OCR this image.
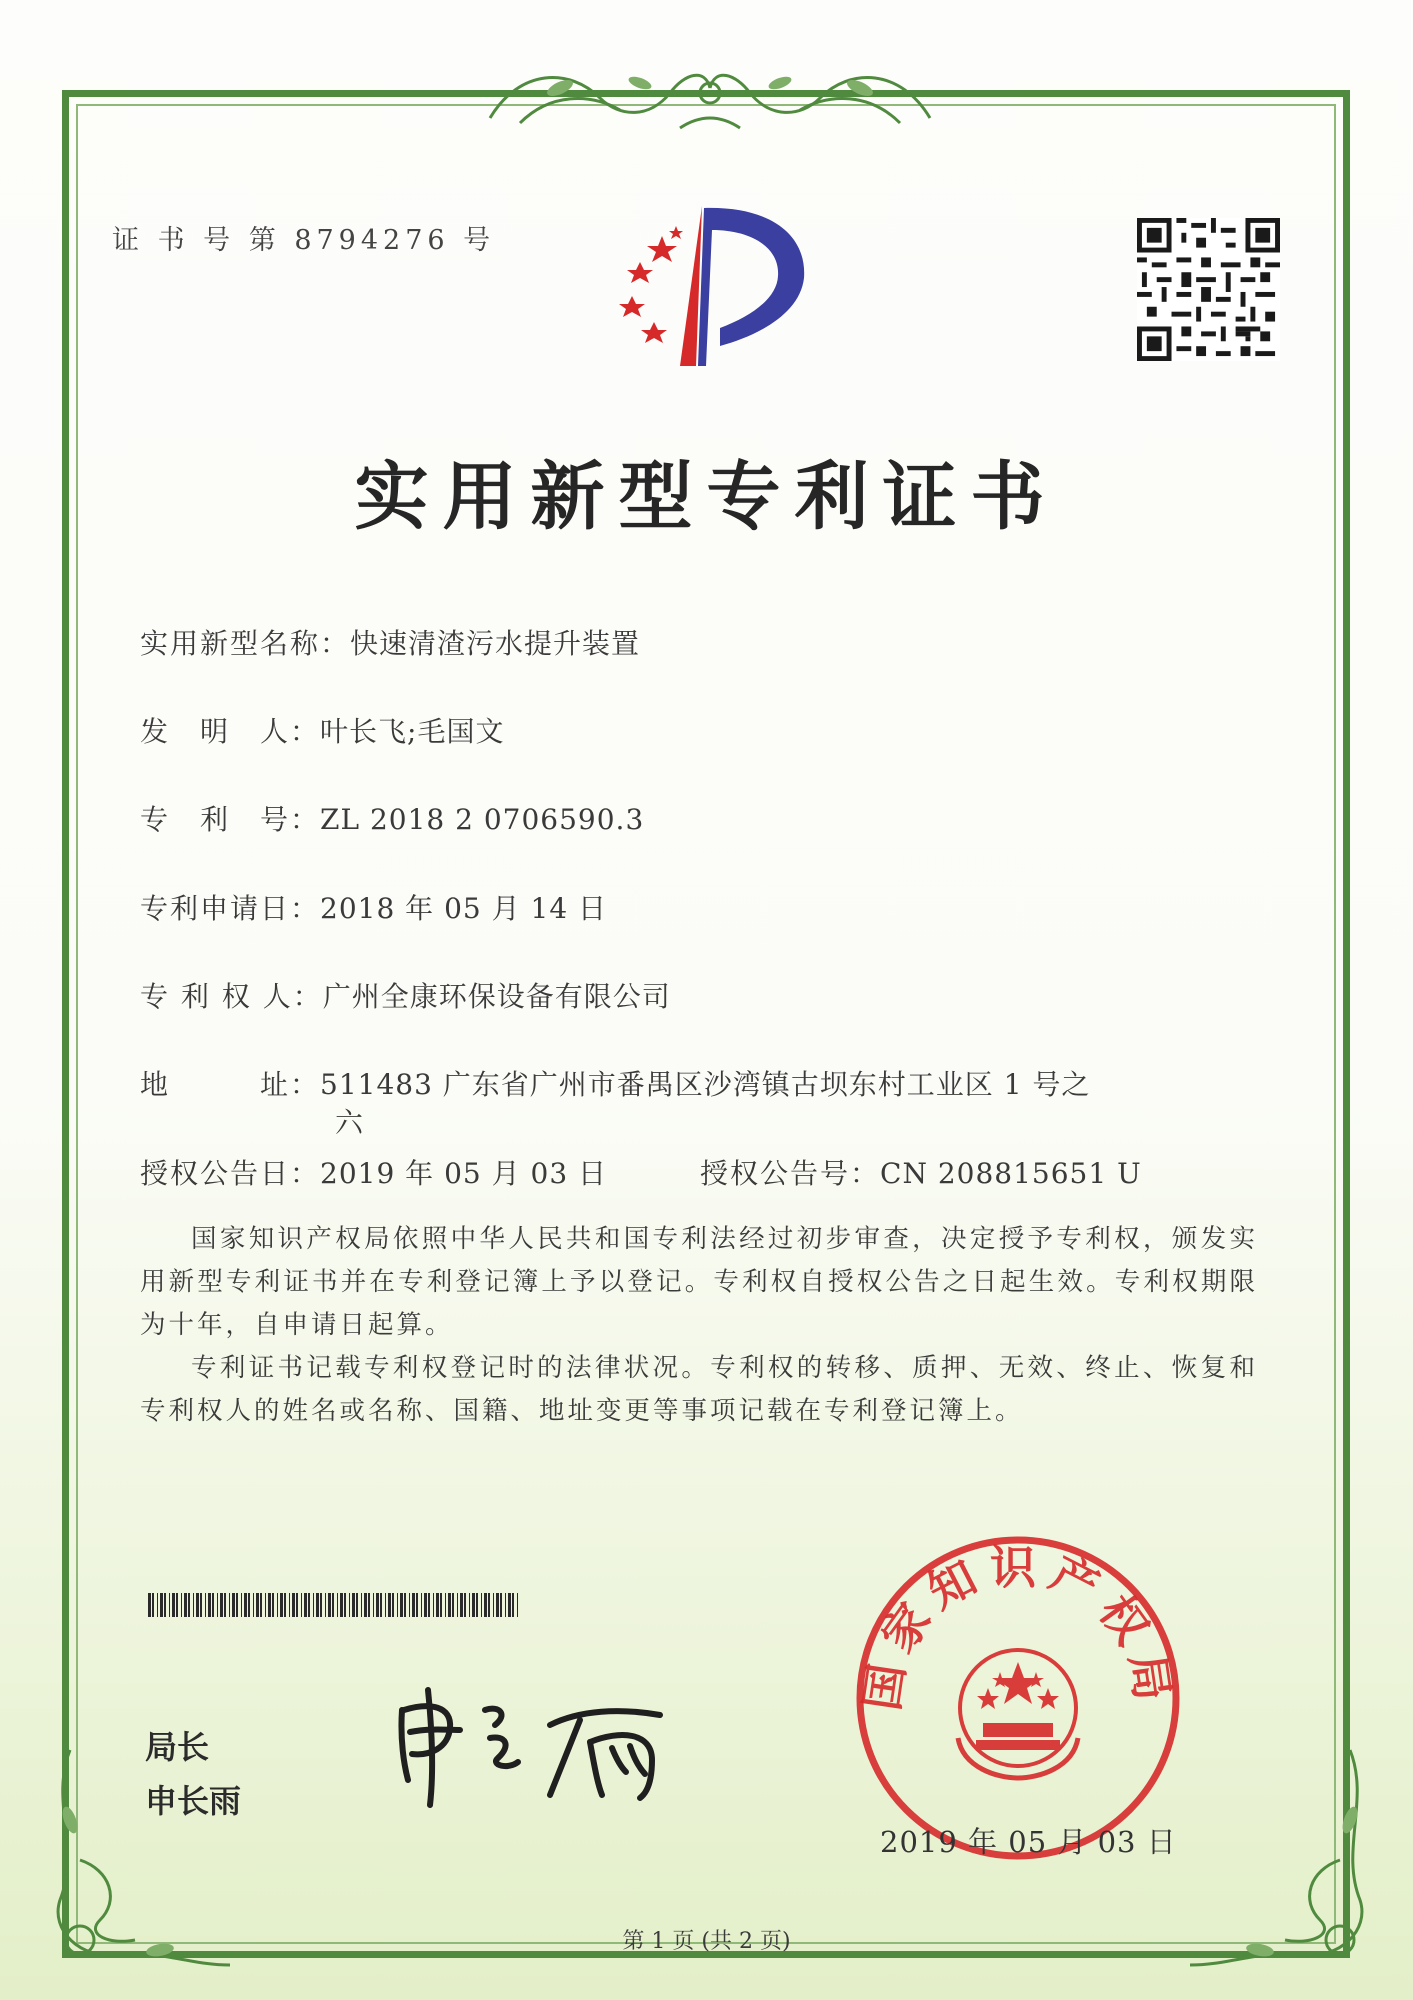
证 书 号 第 8794276 号
实用新型专利证书
实用新型名称：快速清渣污水提升装置
发　明　人：叶长飞;毛国文
专　利　号：ZL 2018 2 0706590.3
专利申请日：2018 年 05 月 14 日
专 利 权 人：广州全康环保设备有限公司
地　　　址：511483 广东省广州市番禺区沙湾镇古坝东村工业区 1 号之
六
授权公告日：2019 年 05 月 03 日	授权公告号：CN 208815651 U
国家知识产权局依照中华人民共和国专利法经过初步审查，决定授予专利权，颁发实用新型专利证书并在专利登记簿上予以登记。专利权自授权公告之日起生效。专利权期限为十年，自申请日起算。
专利证书记载专利权登记时的法律状况。专利权的转移、质押、无效、终止、恢复和专利权人的姓名或名称、国籍、地址变更等事项记载在专利登记簿上。
局长
申长雨
国家知识产权局
2019 年 05 月 03 日
第 1 页 (共 2 页)
